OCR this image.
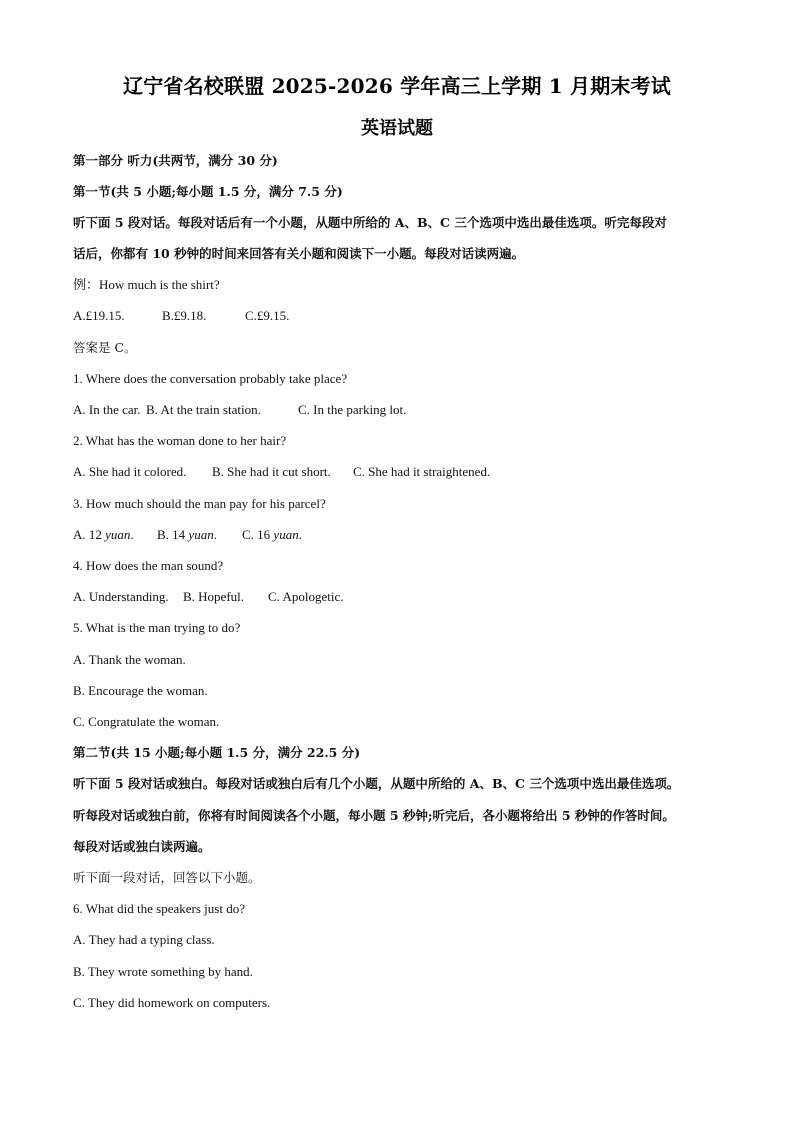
辽宁省名校联盟 2025-2026 学年高三上学期 1 月期末考试
英语试题
第一部分 听力(共两节，满分 30 分)
第一节(共 5 小题;每小题 1.5 分，满分 7.5 分)
听下面 5 段对话。每段对话后有一个小题，从题中所给的 A、B、C 三个选项中选出最佳选项。听完每段对
话后，你都有 10 秒钟的时间来回答有关小题和阅读下一小题。每段对话读两遍。
例：How much is the shirt?
A.£19.15.	B.£9.18.	C.£9.15.
答案是 C。
1. Where does the conversation probably take place?
A. In the car. B. At the train station.	C. In the parking lot.
2. What has the woman done to her hair?
A. She had it colored. B. She had it cut short. C. She had it straightened.
3. How much should the man pay for his parcel?
A. 12 yuan. B. 14 yuan. C. 16 yuan.
4. How does the man sound?
A. Understanding. B. Hopeful. C. Apologetic.
5. What is the man trying to do?
A. Thank the woman.
B. Encourage the woman.
C. Congratulate the woman.
第二节(共 15 小题;每小题 1.5 分，满分 22.5 分)
听下面 5 段对话或独白。每段对话或独白后有几个小题，从题中所给的 A、B、C 三个选项中选出最佳选项。
听每段对话或独白前，你将有时间阅读各个小题，每小题 5 秒钟;听完后，各小题将给出 5 秒钟的作答时间。
每段对话或独白读两遍。
听下面一段对话，回答以下小题。
6. What did the speakers just do?
A. They had a typing class.
B. They wrote something by hand.
C. They did homework on computers.
